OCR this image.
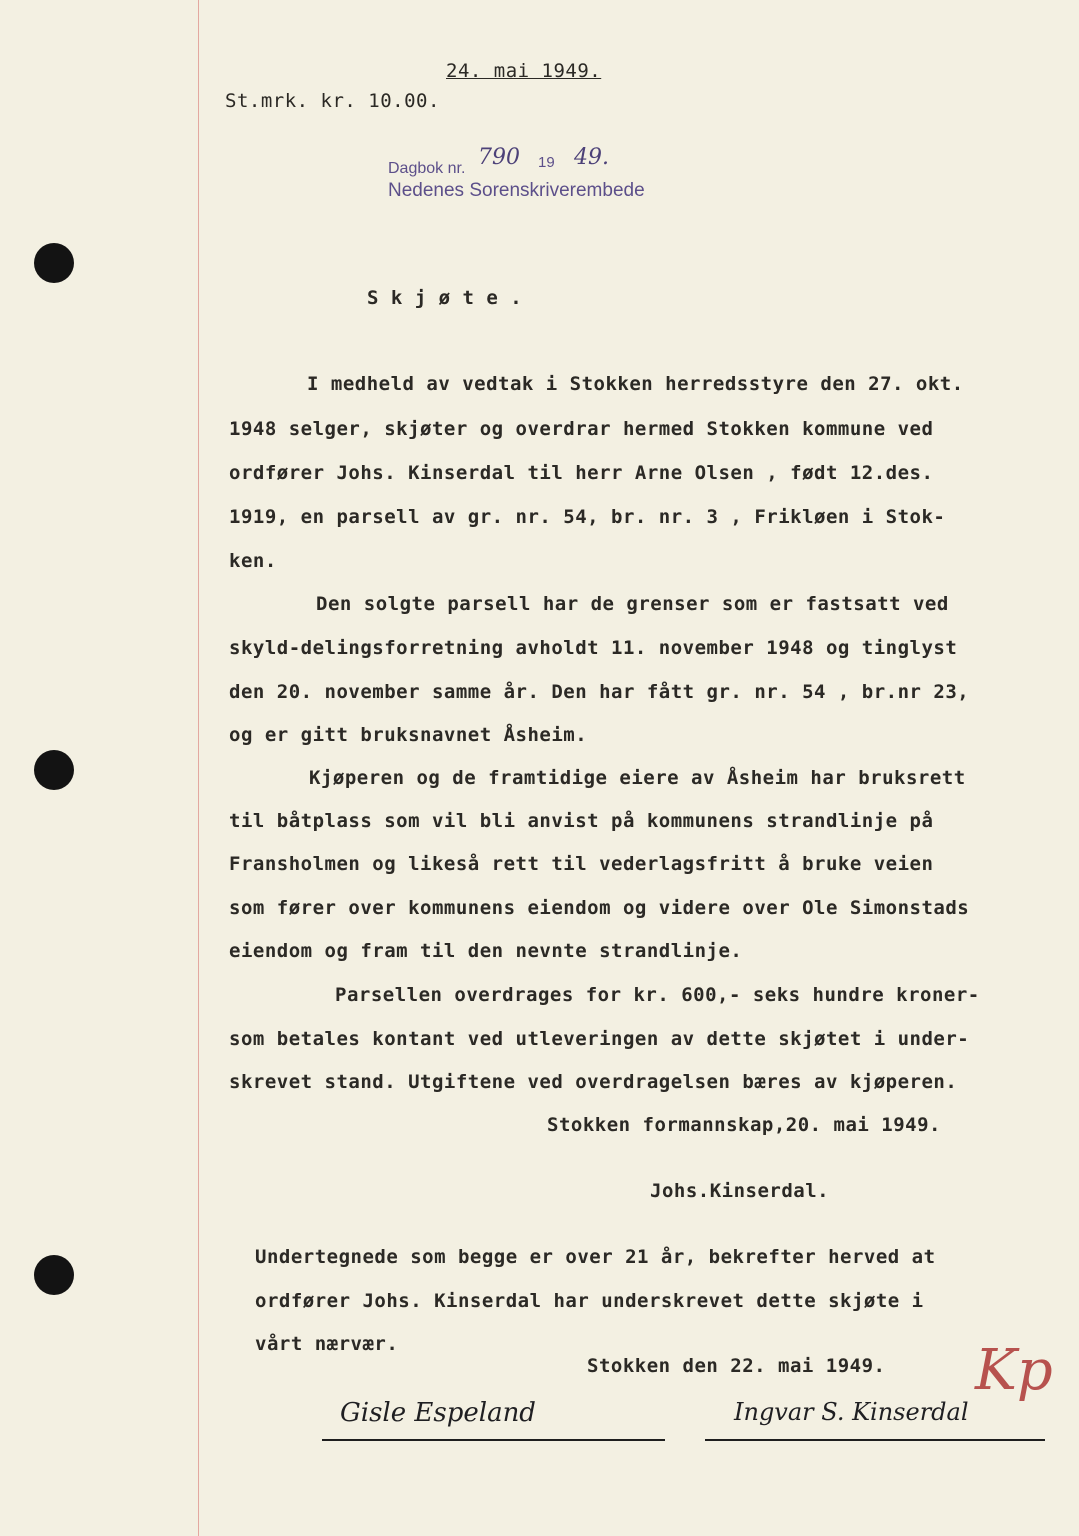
24. mai 1949.
St.mrk. kr. 10.00.
Dagbok nr. 790 19 49.
Nedenes Sorenskriverembede
S k j ø t e .
I medheld av vedtak i Stokken herredsstyre den 27. okt.
1948 selger, skjøter og overdrar hermed Stokken kommune ved
ordfører Johs. Kinserdal til herr Arne Olsen , født 12.des.
1919, en parsell av gr. nr. 54, br. nr. 3 , Frikløen i Stok-
ken.
Den solgte parsell har de grenser som er fastsatt ved
skyld-delingsforretning avholdt 11. november 1948 og tinglyst
den 20. november samme år. Den har fått gr. nr. 54 , br.nr 23,
og er gitt bruksnavnet Åsheim.
Kjøperen og de framtidige eiere av Åsheim har bruksrett
til båtplass som vil bli anvist på kommunens strandlinje på
Fransholmen og likeså rett til vederlagsfritt å bruke veien
som fører over kommunens eiendom og videre over Ole Simonstads
eiendom og fram til den nevnte strandlinje.
Parsellen overdrages for kr. 600,- seks hundre kroner-
som betales kontant ved utleveringen av dette skjøtet i under-
skrevet stand. Utgiftene ved overdragelsen bæres av kjøperen.
Stokken formannskap,20. mai 1949.
Johs.Kinserdal.
Undertegnede som begge er over 21 år, bekrefter herved at
ordfører Johs. Kinserdal har underskrevet dette skjøte i
vårt nærvær.
Stokken den 22. mai 1949.
Gisle Espeland	Ingvar S. Kinserdal
Kp
